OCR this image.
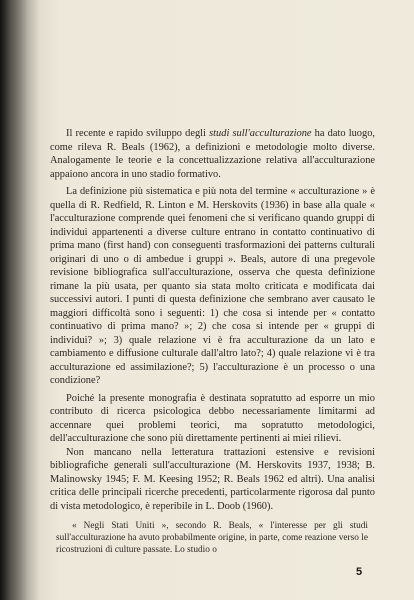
Il recente e rapido sviluppo degli studi sull'acculturazione ha dato luogo, come rileva R. Beals (1962), a definizioni e metodologie molto diverse. Analogamente le teorie e la concettualizzazione relativa all'acculturazione appaiono ancora in uno stadio formativo.

La definizione più sistematica e più nota del termine « acculturazione » è quella di R. Redfield, R. Linton e M. Herskovits (1936) in base alla quale « l'acculturazione comprende quei fenomeni che si verificano quando gruppi di individui appartenenti a diverse culture entrano in contatto continuativo di prima mano (first hand) con conseguenti trasformazioni dei patterns culturali originari di uno o di ambedue i gruppi ». Beals, autore di una pregevole revisione bibliografica sull'acculturazione, osserva che questa definizione rimane la più usata, per quanto sia stata molto criticata e modificata dai successivi autori. I punti di questa definizione che sembrano aver causato le maggiori difficoltà sono i seguenti: 1) che cosa si intende per « contatto continuativo di prima mano? »; 2) che cosa si intende per « gruppi di individui? »; 3) quale relazione vi è fra acculturazione da un lato e cambiamento e diffusione culturale dall'altro lato?; 4) quale relazione vi è tra acculturazione ed assimilazione?; 5) l'acculturazione è un processo o una condizione?

Poiché la presente monografia è destinata sopratutto ad esporre un mio contributo di ricerca psicologica debbo necessariamente limitarmi ad accennare quei problemi teorici, ma sopratutto metodologici, dell'acculturazione che sono più direttamente pertinenti ai miei rilievi.

Non mancano nella letteratura trattazioni estensive e revisioni bibliografiche generali sull'acculturazione (M. Herskovits 1937, 1938; B. Malinowsky 1945; F. M. Keesing 1952; R. Beals 1962 ed altri). Una analisi critica delle principali ricerche precedenti, particolarmente rigorosa dal punto di vista metodologico, è reperibile in L. Doob (1960).

« Negli Stati Uniti », secondo R. Beals, « l'interesse per gli studi sull'acculturazione ha avuto probabilmente origine, in parte, come reazione verso le ricostruzioni di culture passate. Lo studio o

5
